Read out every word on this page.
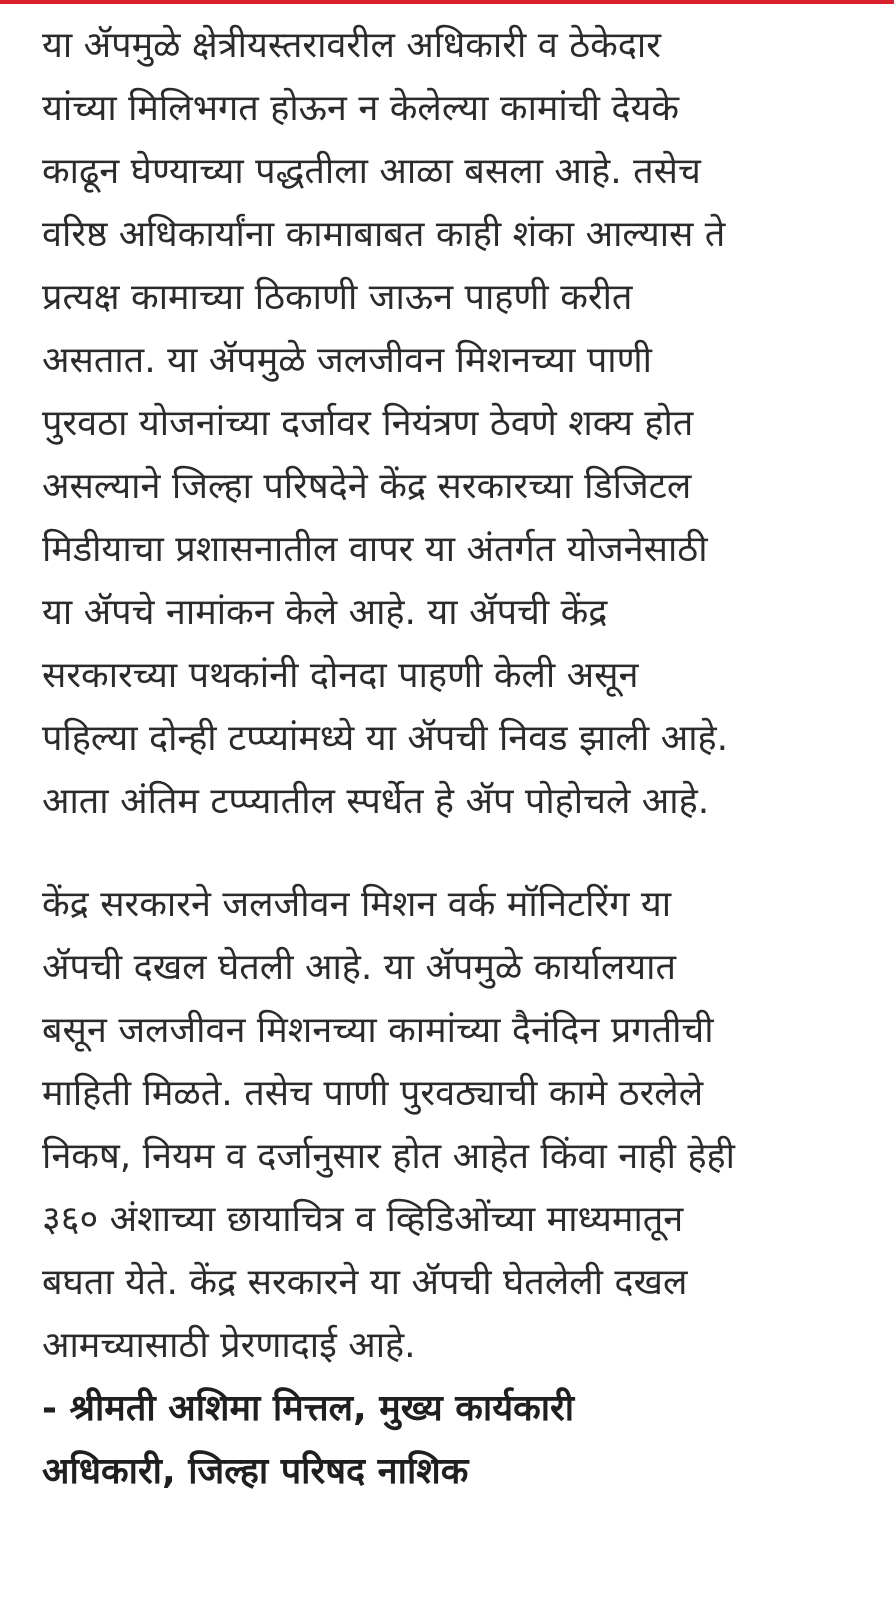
या ॲपमुळे क्षेत्रीयस्तरावरील अधिकारी व ठेकेदार
यांच्या मिलिभगत होऊन न केलेल्या कामांची देयके
काढून घेण्याच्या पद्धतीला आळा बसला आहे. तसेच
वरिष्ठ अधिकार्यांना कामाबाबत काही शंका आल्यास ते
प्रत्यक्ष कामाच्या ठिकाणी जाऊन पाहणी करीत
असतात. या ॲपमुळे जलजीवन मिशनच्या पाणी
पुरवठा योजनांच्या दर्जावर नियंत्रण ठेवणे शक्य होत
असल्याने जिल्हा परिषदेने केंद्र सरकारच्या डिजिटल
मिडीयाचा प्रशासनातील वापर या अंतर्गत योजनेसाठी
या ॲपचे नामांकन केले आहे. या ॲपची केंद्र
सरकारच्या पथकांनी दोनदा पाहणी केली असून
पहिल्या दोन्ही टप्प्यांमध्ये या ॲपची निवड झाली आहे.
आता अंतिम टप्प्यातील स्पर्धेत हे ॲप पोहोचले आहे.
केंद्र सरकारने जलजीवन मिशन वर्क मॉनिटरिंग या
ॲपची दखल घेतली आहे. या ॲपमुळे कार्यालयात
बसून जलजीवन मिशनच्या कामांच्या दैनंदिन प्रगतीची
माहिती मिळते. तसेच पाणी पुरवठ्याची कामे ठरलेले
निकष, नियम व दर्जानुसार होत आहेत किंवा नाही हेही
३६० अंशाच्या छायाचित्र व व्हिडिओंच्या माध्यमातून
बघता येते. केंद्र सरकारने या ॲपची घेतलेली दखल
आमच्यासाठी प्रेरणादाई आहे.
- श्रीमती अशिमा मित्तल, मुख्य कार्यकारी
अधिकारी, जिल्हा परिषद नाशिक
